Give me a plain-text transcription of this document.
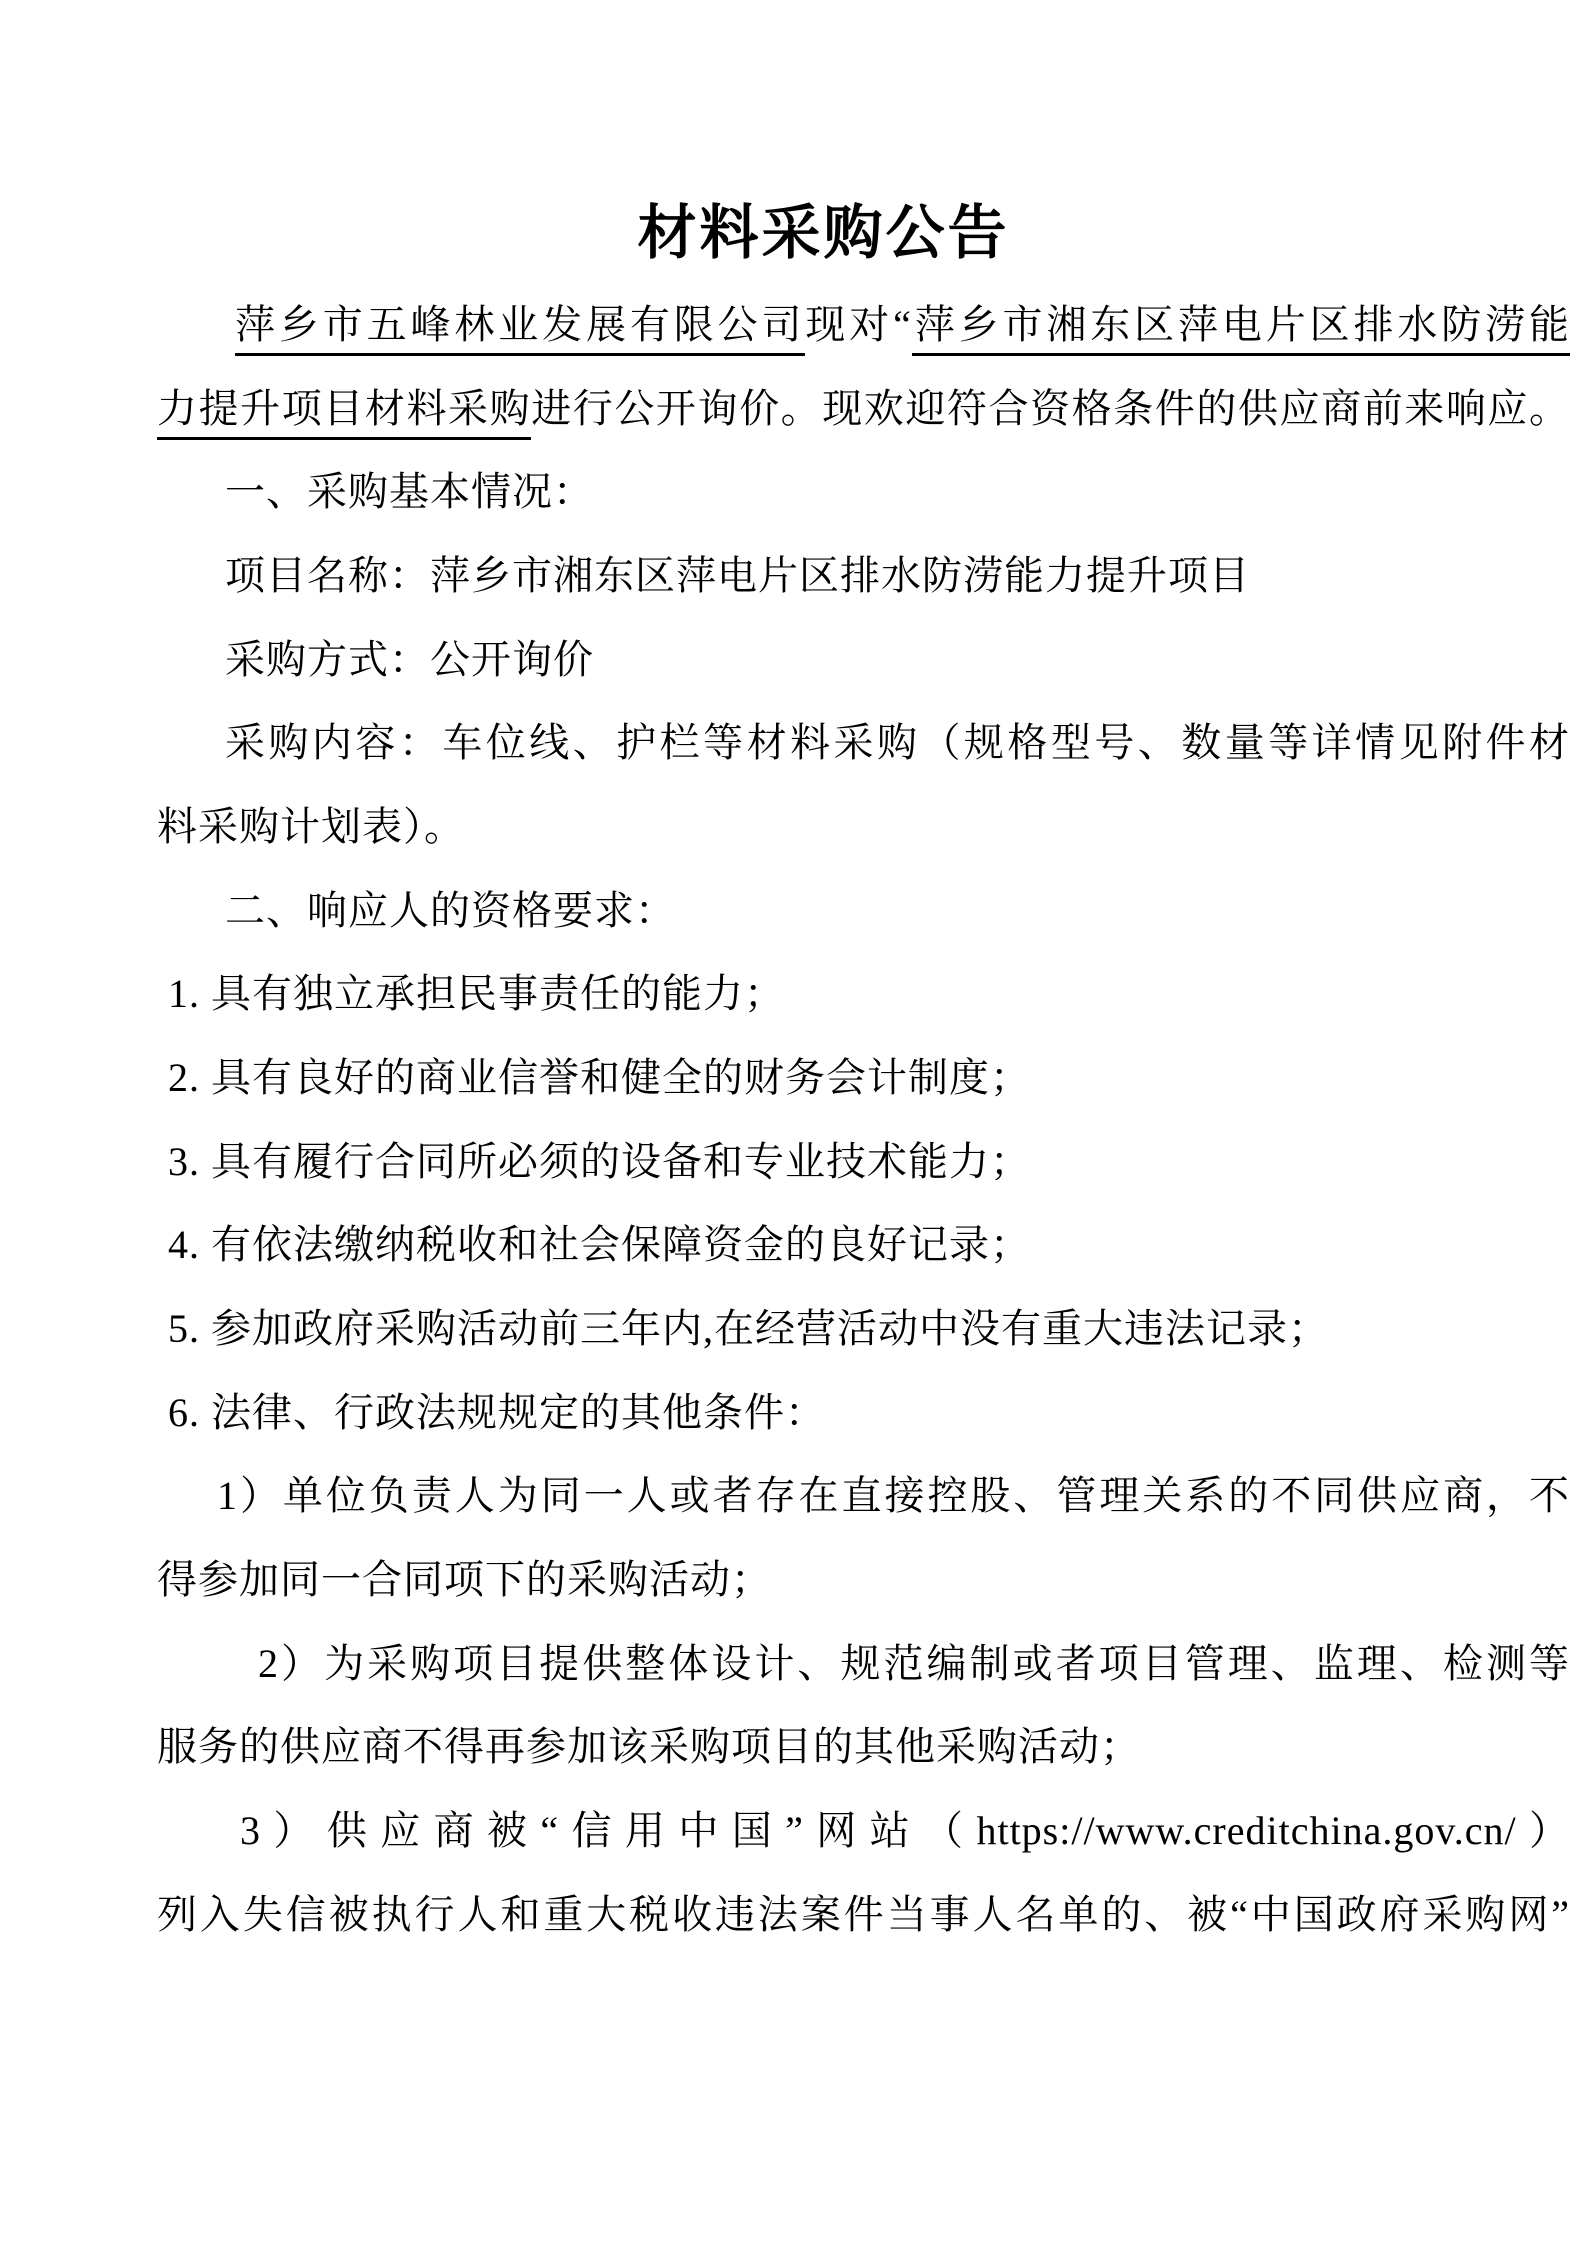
材料采购公告
萍乡市五峰林业发展有限公司现对“萍乡市湘东区萍电片区排水防涝能
力提升项目材料采购进行公开询价。现欢迎符合资格条件的供应商前来响应。
一、采购基本情况：
项目名称：萍乡市湘东区萍电片区排水防涝能力提升项目
采购方式：公开询价
采购内容：车位线、护栏等材料采购（规格型号、数量等详情见附件材
料采购计划表）。
二、响应人的资格要求：
1. 具有独立承担民事责任的能力；
2. 具有良好的商业信誉和健全的财务会计制度；
3. 具有履行合同所必须的设备和专业技术能力；
4. 有依法缴纳税收和社会保障资金的良好记录；
5. 参加政府采购活动前三年内,在经营活动中没有重大违法记录；
6. 法律、行政法规规定的其他条件：
1）单位负责人为同一人或者存在直接控股、管理关系的不同供应商，不
得参加同一合同项下的采购活动；
2）为采购项目提供整体设计、规范编制或者项目管理、监理、检测等
服务的供应商不得再参加该采购项目的其他采购活动；
3）供应商被“信用中国”网站（https://www.creditchina.gov.cn/）
列入失信被执行人和重大税收违法案件当事人名单的、被“中国政府采购网”
